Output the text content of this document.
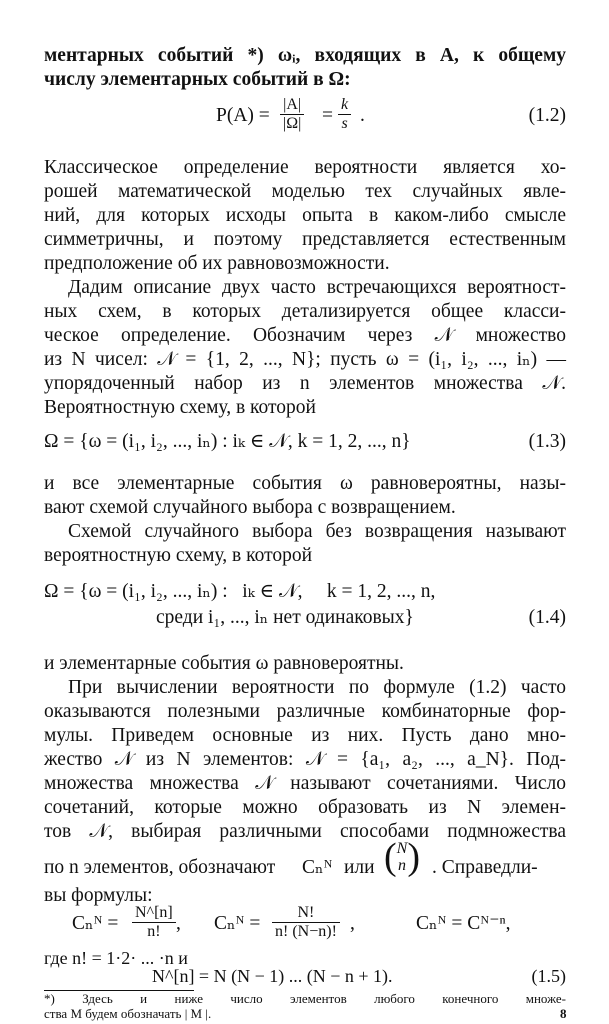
ментарных событий *) ωᵢ, входящих в A, к общему
числу элементарных событий в Ω:
$P(A) = \frac{|A|}{|\Omega|} = \frac{k}{s}$ .	(1.2)
Классическое определение вероятности является хо-
рошей математической моделью тех случайных явле-
ний, для которых исходы опыта в каком-либо смысле
симметричны, и поэтому представляется естественным
предположение об их равновозможности.
Дадим описание двух часто встречающихся вероятност-
ных схем, в которых детализируется общее класси-
ческое определение. Обозначим через 𝒩 множество
из N чисел: 𝒩 = {1, 2, ..., N}; пусть ω = (i₁, i₂, ..., iₙ) —
упорядоченный набор из n элементов множества 𝒩.
Вероятностную схему, в которой
Ω = {ω = (i₁, i₂, ..., iₙ) : iₖ ∈ 𝒩, k = 1, 2, ..., n}	(1.3)
и все элементарные события ω равновероятны, назы-
вают схемой случайного выбора с возвращением.
Схемой случайного выбора без возвращения называют
вероятностную схему, в которой
Ω = {ω = (i₁, i₂, ..., iₙ) :   iₖ ∈ 𝒩,     k = 1, 2, ..., n,
среди i₁, ..., iₙ нет одинаковых}	(1.4)
и элементарные события ω равновероятны.
При вычислении вероятности по формуле (1.2) часто
оказываются полезными различные комбинаторные фор-
мулы. Приведем основные из них. Пусть дано мно-
жество 𝒩 из N элементов: 𝒩 = {a₁, a₂, ..., a_N}. Под-
множества множества 𝒩 называют сочетаниями. Число
сочетаний, которые можно образовать из N элемен-
тов 𝒩, выбирая различными способами подмножества
по n элементов, обозначают Cₙᴺ или ( N
n ) . Справедли-
вы формулы:
Cₙᴺ = $\frac{N\^{}[n]}{n!}$ , Cₙᴺ = $\frac{N!}{n! (N-n)!}$ ,	Cₙᴺ = Cᴺ⁻ⁿ,
где n! = 1·2· ... ·n и
N^[n] = N (N − 1) ... (N − n + 1).	(1.5)
*) Здесь и ниже число элементов любого конечного множе-
ства M будем обозначать | M |.	8
